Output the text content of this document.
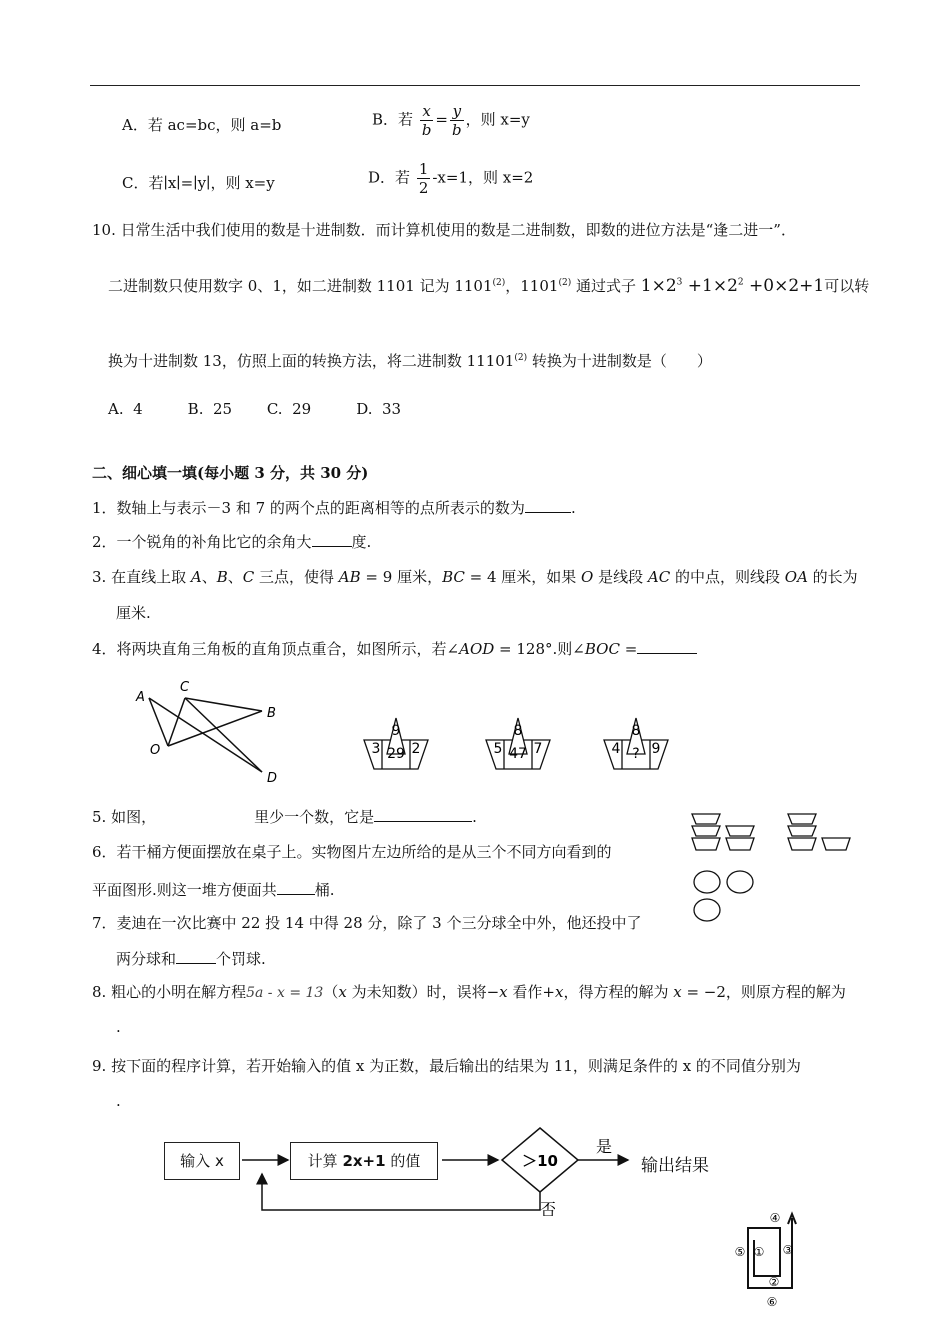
A．若 ac=bc，则 a=b	B．若 $\frac{x}{b} = \frac{y}{b}$ ，则 x=y
C．若∣x∣=∣y∣，则 x=y	D．若 $\frac{1}{2} -x=1$，则 x=2
10. 日常生活中我们使用的数是十进制数．而计算机使用的数是二进制数，即数的进位方法是“逢二进一”．
二进制数只使用数字 0、1，如二进制数 1101 记为 1101$^{(2)}$，1101$^{(2)}$ 通过式子 $1\times 2^3 +1\times 2^2 +0\times 2+1$可以转
换为十进制数 13，仿照上面的转换方法，将二进制数 11101$^{(2)}$ 转换为十进制数是（　　）
A.  4　　　B.  25　　 C.  29　　　D.  33
二、细心填一填(每小题 3 分，共 30 分)
1．数轴上与表示－3 和 7 的两个点的距离相等的点所表示的数为	.
2．一个锐角的补角比它的余角大	度.
3. 在直线上取 A、B、C 三点，使得 AB = 9 厘米，BC = 4 厘米，如果 O 是线段 AC 的中点，则线段 OA 的长为
厘米.
4．将两块直角三角板的直角顶点重合，如图所示，若∠AOD = 128°.则∠BOC =
A
C
B
O
D
9
3 29 2
8
5 47 7
8
4 ? 9
5. 如图，	里少一个数，它是	.
6．若干桶方便面摆放在桌子上。实物图片左边所给的是从三个不同方向看到的
平面图形.则这一堆方便面共	桶.
7．麦迪在一次比赛中 22 投 14 中得 28 分，除了 3 个三分球全中外，他还投中了
两分球和	个罚球.
8. 粗心的小明在解方程5a - x = 13（x 为未知数）时，误将−x 看作+x，得方程的解为 x = −2，则原方程的解为
.
9. 按下面的程序计算，若开始输入的值 x 为正数，最后输出的结果为 11，则满足条件的 x 的不同值分别为
.
输入 x	计算 2x+1 的值	＞10
是
否
输出结果
①
②
③
④
⑤
⑥
